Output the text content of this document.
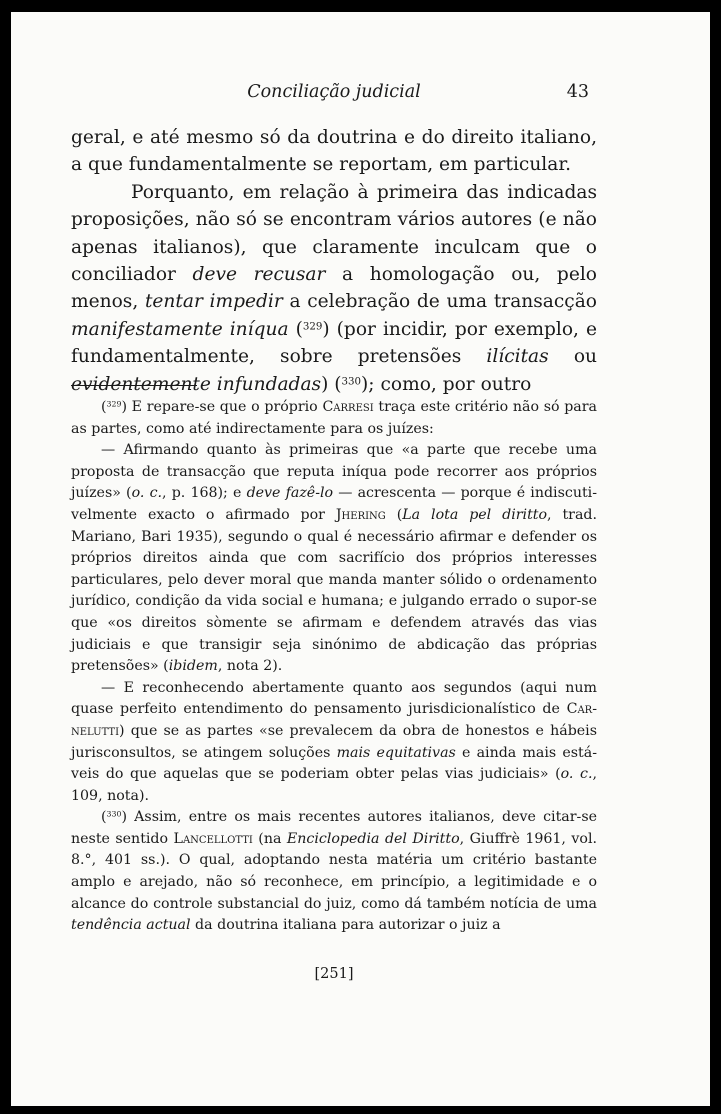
Conciliação judicial	43

geral, e até mesmo só da doutrina e do direito italiano, a que fundamentalmente se reportam, em particular.

Porquanto, em relação à primeira das indicadas proposições, não só se encontram vários autores (e não apenas italianos), que claramente inculcam que o conciliador deve recusar a homologação ou, pelo menos, tentar impedir a celebração de uma transacção manifestamente iníqua ($^{329}$) (por incidir, por exemplo, e fundamentalmente, sobre pretensões ilícitas ou evidentemente infundadas) ($^{330}$); como, por outro

($^{329}$) E repare-se que o próprio Carresi traça este critério não só para as partes, como até indirectamente para os juízes:

— Afirmando quanto às primeiras que «a parte que recebe uma proposta de transacção que reputa iníqua pode recorrer aos próprios juízes» (o. c., p. 168); e deve fazê-lo — acrescenta — porque é indiscutivelmente exacto o afirmado por Jhering (La lota pel diritto, trad. Mariano, Bari 1935), segundo o qual é necessário afirmar e defender os próprios direitos ainda que com sacrifício dos próprios interesses particulares, pelo dever moral que manda manter sólido o ordenamento jurídico, condição da vida social e humana; e julgando errado o supor-se que «os direitos sòmente se afirmam e defendem através das vias judiciais e que transigir seja sinónimo de abdicação das próprias pretensões» (ibidem, nota 2).

— E reconhecendo abertamente quanto aos segundos (aqui num quase perfeito entendimento do pensamento jurisdicionalístico de Carnelutti) que se as partes «se prevalecem da obra de honestos e hábeis jurisconsultos, se atingem soluções mais equitativas e ainda mais estáveis do que aquelas que se poderiam obter pelas vias judiciais» (o. c., 109, nota).

($^{330}$) Assim, entre os mais recentes autores italianos, deve citar-se neste sentido Lancellotti (na Enciclopedia del Diritto, Giuffrè 1961, vol. 8.°, 401 ss.). O qual, adoptando nesta matéria um critério bastante amplo e arejado, não só reconhece, em princípio, a legitimidade e o alcance do controle substancial do juiz, como dá também notícia de uma tendência actual da doutrina italiana para autorizar o juiz a

[251]
